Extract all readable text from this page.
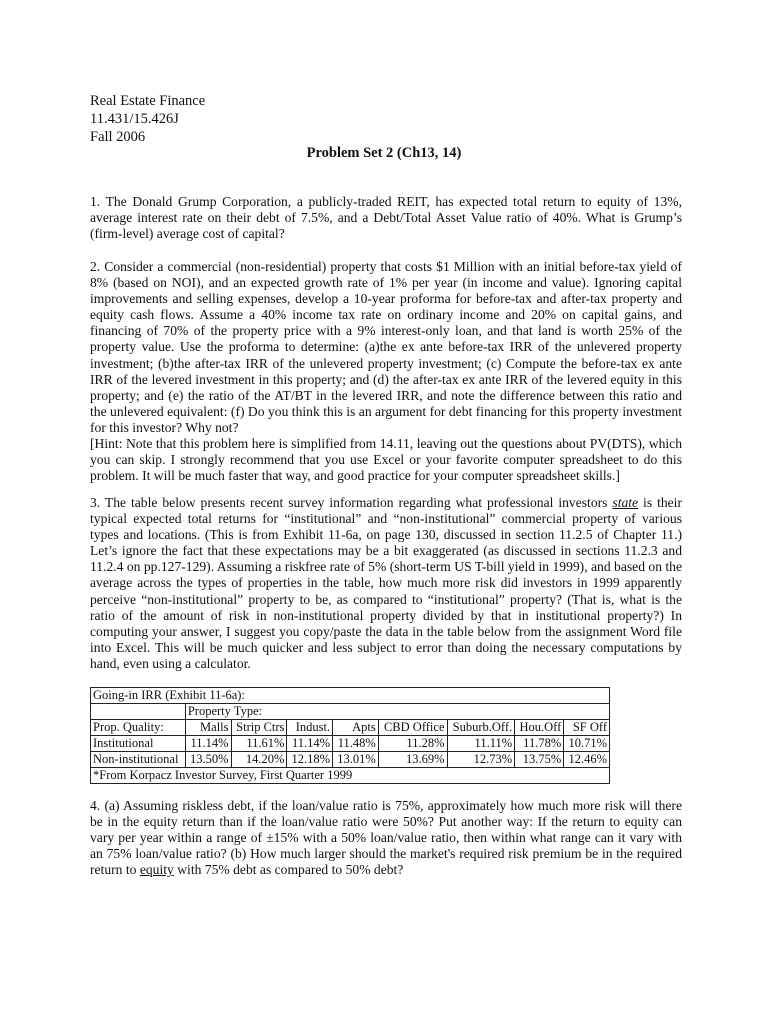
Real Estate Finance
11.431/15.426J
Fall 2006
Problem Set 2 (Ch13, 14)

1. The Donald Grump Corporation, a publicly-traded REIT, has expected total return to equity of 13%, average interest rate on their debt of 7.5%, and a Debt/Total Asset Value ratio of 40%. What is Grump’s (firm-level) average cost of capital?

2. Consider a commercial (non-residential) property that costs $1 Million with an initial before-tax yield of 8% (based on NOI), and an expected growth rate of 1% per year (in income and value). Ignoring capital improvements and selling expenses, develop a 10-year proforma for before-tax and after-tax property and equity cash flows. Assume a 40% income tax rate on ordinary income and 20% on capital gains, and financing of 70% of the property price with a 9% interest-only loan, and that land is worth 25% of the property value. Use the proforma to determine: (a)the ex ante before-tax IRR of the unlevered property investment; (b)the after-tax IRR of the unlevered property investment; (c) Compute the before-tax ex ante IRR of the levered investment in this property; and (d) the after-tax ex ante IRR of the levered equity in this property; and (e) the ratio of the AT/BT in the levered IRR, and note the difference between this ratio and the unlevered equivalent: (f) Do you think this is an argument for debt financing for this property investment for this investor? Why not?

[Hint: Note that this problem here is simplified from 14.11, leaving out the questions about PV(DTS), which you can skip. I strongly recommend that you use Excel or your favorite computer spreadsheet to do this problem. It will be much faster that way, and good practice for your computer spreadsheet skills.]

3. The table below presents recent survey information regarding what professional investors state is their typical expected total returns for “institutional” and “non-institutional” commercial property of various types and locations. (This is from Exhibit 11-6a, on page 130, discussed in section 11.2.5 of Chapter 11.) Let’s ignore the fact that these expectations may be a bit exaggerated (as discussed in sections 11.2.3 and 11.2.4 on pp.127-129). Assuming a riskfree rate of 5% (short-term US T-bill yield in 1999), and based on the average across the types of properties in the table, how much more risk did investors in 1999 apparently perceive “non-institutional” property to be, as compared to “institutional” property? (That is, what is the ratio of the amount of risk in non-institutional property divided by that in institutional property?) In computing your answer, I suggest you copy/paste the data in the table below from the assignment Word file into Excel. This will be much quicker and less subject to error than doing the necessary computations by hand, even using a calculator.

Going-in IRR (Exhibit 11-6a):								
	Property Type:							
Prop. Quality:	Malls	Strip Ctrs	Indust.	Apts	CBD Office	Suburb.Off.	Hou.Off	SF Off
Institutional	11.14%	11.61%	11.14%	11.48%	11.28%	11.11%	11.78%	10.71%
Non-institutional	13.50%	14.20%	12.18%	13.01%	13.69%	12.73%	13.75%	12.46%
*From Korpacz Investor Survey, First Quarter 1999								

4. (a) Assuming riskless debt, if the loan/value ratio is 75%, approximately how much more risk will there be in the equity return than if the loan/value ratio were 50%? Put another way: If the return to equity can vary per year within a range of ±15% with a 50% loan/value ratio, then within what range can it vary with an 75% loan/value ratio? (b) How much larger should the market's required risk premium be in the required return to equity with 75% debt as compared to 50% debt?
